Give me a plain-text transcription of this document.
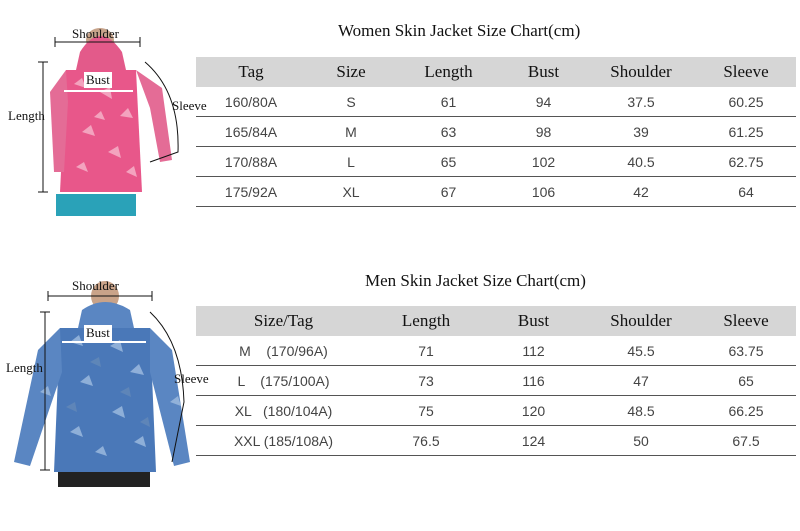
Shoulder
Bust
Length
Sleeve
Women Skin Jacket Size Chart(cm)
Tag	Size	Length	Bust	Shoulder	Sleeve
160/80A	S	61	94	37.5	60.25
165/84A	M	63	98	39	61.25
170/88A	L	65	102	40.5	62.75
175/92A	XL	67	106	42	64
Shoulder
Bust
Length
Sleeve
Men Skin Jacket Size Chart(cm)
Size/Tag	Length	Bust	Shoulder	Sleeve
M    (170/96A)	71	112	45.5	63.75
L    (175/100A)	73	116	47	65
XL   (180/104A)	75	120	48.5	66.25
XXL (185/108A)	76.5	124	50	67.5
